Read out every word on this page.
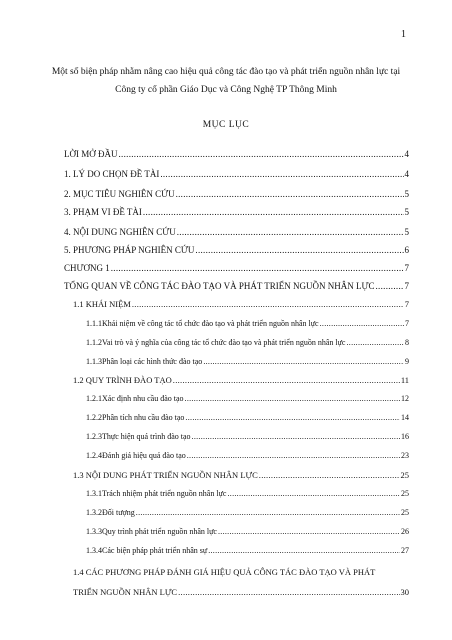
1
Một số biện pháp nhằm nâng cao hiệu quả công tác đào tạo và phát triển nguồn nhân lực tại
Công ty cổ phần Giáo Dục và Công Nghệ TP Thông Minh
MỤC LỤC
LỜI MỞ ĐẦU .....	4
1. LÝ DO CHỌN ĐỀ TÀI .....	4
2. MỤC TIÊU NGHIÊN CỨU .....	5
3. PHẠM VI ĐỀ TÀI .....	5
4. NỘI DUNG NGHIÊN CỨU .....	5
5. PHƯƠNG PHÁP NGHIÊN CỨU .....	6
CHƯƠNG 1 .....	7
TỔNG QUAN VỀ CÔNG TÁC ĐÀO TẠO VÀ PHÁT TRIỂN NGUỒN NHÂN LỰC .....	7
1.1 KHÁI NIỆM .....	7
1.1.1Khái niệm về công tác tổ chức đào tạo và phát triển nguồn nhân lực .....	7
1.1.2Vai trò và ý nghĩa của công tác tổ chức đào tạo và phát triển nguồn nhân lực .....	8
1.1.3Phân loại các hình thức đào tạo .....	9
1.2 QUY TRÌNH ĐÀO TẠO .....	11
1.2.1Xác định nhu cầu đào tạo .....	12
1.2.2Phân tích nhu cầu đào tạo .....	14
1.2.3Thực hiện quá trình đào tạo .....	16
1.2.4Đánh giá hiệu quả đào tạo .....	23
1.3 NỘI DUNG PHÁT TRIỂN NGUỒN NHÂN LỰC .....	25
1.3.1Trách nhiệm phát triển nguồn nhân lực .....	25
1.3.2Đối tượng .....	25
1.3.3Quy trình phát triển nguồn nhân lực .....	26
1.3.4Các biện pháp phát triển nhân sự .....	27
1.4 CÁC PHƯƠNG PHÁP ĐÁNH GIÁ HIỆU QUẢ CÔNG TÁC ĐÀO TẠO VÀ PHÁT
TRIỂN NGUỒN NHÂN LỰC .....	30
